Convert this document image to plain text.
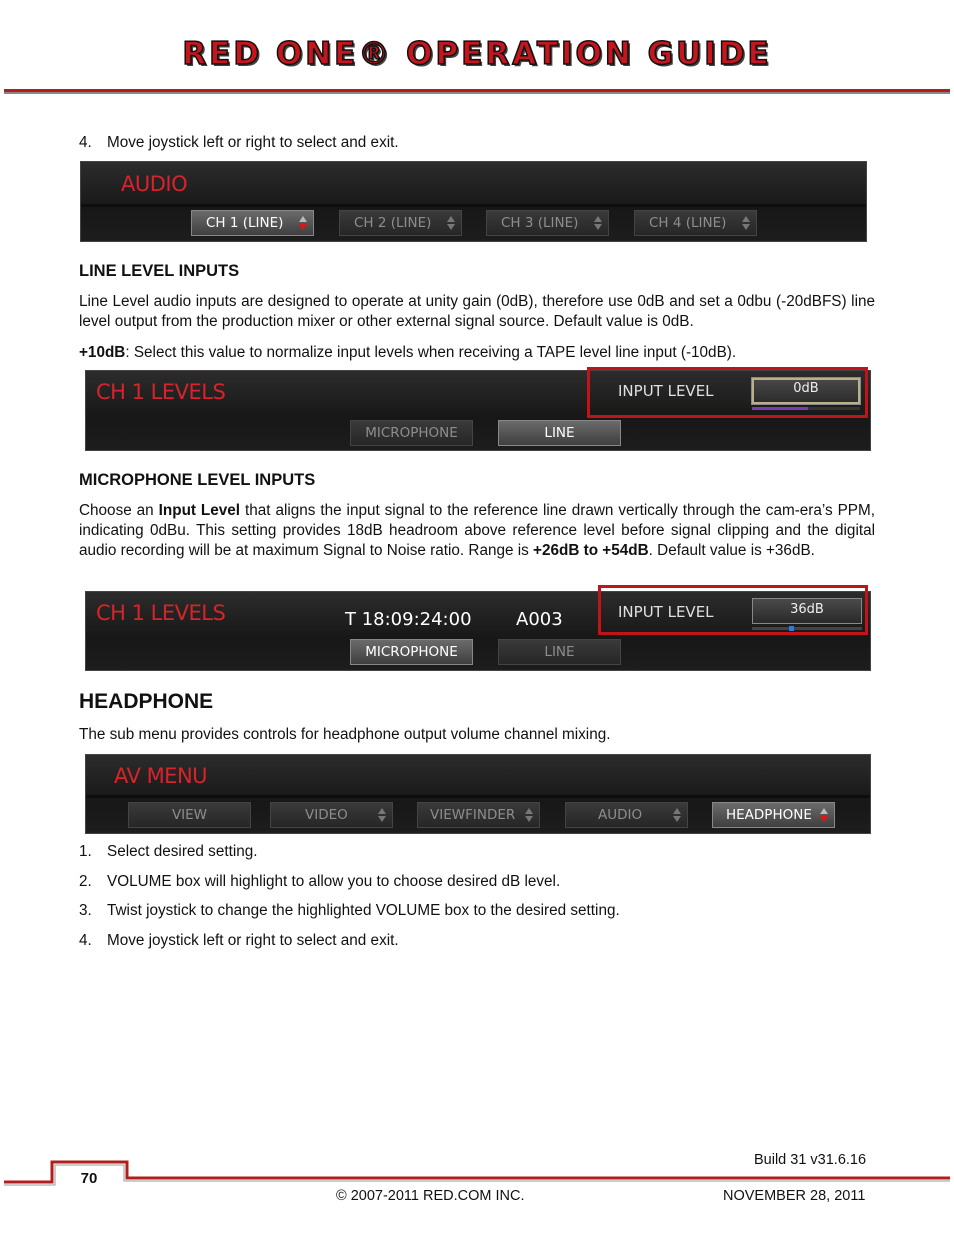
RED ONE® OPERATION GUIDE
4. Move joystick left or right to select and exit.
AUDIO
CH 1 (LINE)	CH 2 (LINE)	CH 3 (LINE)	CH 4 (LINE)
LINE LEVEL INPUTS

Line Level audio inputs are designed to operate at unity gain (0dB), therefore use 0dB and set a 0dbu (-20dBFS) line level output from the production mixer or other external signal source. Default value is 0dB.

+10dB: Select this value to normalize input levels when receiving a TAPE level line input (-10dB).

CH 1 LEVELS	INPUT LEVEL	0dB
MICROPHONE	LINE
MICROPHONE LEVEL INPUTS

Choose an Input Level that aligns the input signal to the reference line drawn vertically through the cam-era’s PPM, indicating 0dBu. This setting provides 18dB headroom above reference level before signal clipping and the digital audio recording will be at maximum Signal to Noise ratio. Range is +26dB to +54dB. Default value is +36dB.

CH 1 LEVELS	T 18:09:24:00 A003	INPUT LEVEL	36dB
MICROPHONE	LINE
HEADPHONE

The sub menu provides controls for headphone output volume channel mixing.

AV MENU
VIEW	VIDEO	VIEWFINDER	AUDIO	HEADPHONE
1. Select desired setting.
2. VOLUME box will highlight to allow you to choose desired dB level.
3. Twist joystick to change the highlighted VOLUME box to the desired setting.
4. Move joystick left or right to select and exit.
Build 31 v31.6.16
70
© 2007-2011 RED.COM INC.	NOVEMBER 28, 2011
